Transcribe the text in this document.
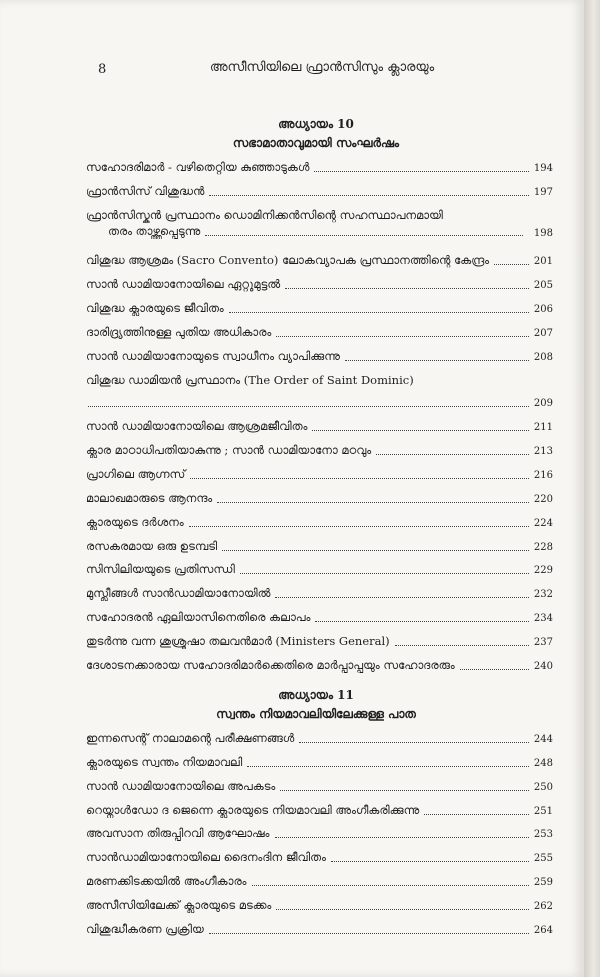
8	അസീസിയിലെ ഫ്രാൻസിസും ക്ലാരയും
അധ്യായം 10
സഭാമാതാവുമായി സംഘർഷം
സഹോദരിമാർ - വഴിതെറ്റിയ കുഞ്ഞാടുകൾ	194
ഫ്രാൻസിസ് വിശുദ്ധൻ	197
ഫ്രാൻസിസ്കൻ പ്രസ്ഥാനം ഡൊമിനിക്കൻസിന്റെ സഹസ്ഥാപനമായി
തരം താഴ്ത്തപ്പെടുന്നു	198
വിശുദ്ധ ആശ്രമം (Sacro Convento) ലോകവ്യാപക പ്രസ്ഥാനത്തിന്റെ കേന്ദ്രം	201
സാൻ ഡാമിയാനോയിലെ ഏറ്റുമുട്ടൽ	205
വിശുദ്ധ ക്ലാരയുടെ ജീവിതം	206
ദാരിദ്ര്യത്തിനുള്ള പുതിയ അധികാരം	207
സാൻ ഡാമിയാനോയുടെ സ്വാധീനം വ്യാപിക്കുന്നു	208
വിശുദ്ധ ഡാമിയൻ പ്രസ്ഥാനം (The Order of Saint Dominic)
209
സാൻ ഡാമിയാനോയിലെ ആശ്രമജീവിതം	211
ക്ലാര മാഠാധിപതിയാകുന്നു ; സാൻ ഡാമിയാനോ മഠവും	213
പ്രാഗിലെ ആഗ്നസ്	216
മാലാഖമാരുടെ ആനന്ദം	220
ക്ലാരയുടെ ദർശനം	224
രസകരമായ ഒരു ഉടമ്പടി	228
സിസിലിയയുടെ പ്രതിസന്ധി	229
മുസ്ലീങ്ങൾ സാൻഡാമിയാനോയിൽ	232
സഹോദരൻ ഏലിയാസിനെതിരെ കലാപം	234
തുടർന്നു വന്ന ശുശ്രൂഷാ തലവൻമാർ (Ministers General)	237
ദേശാടനക്കാരായ സഹോദരിമാർക്കെതിരെ മാർപ്പാപ്പയും സഹോദരരും	240
അധ്യായം 11
സ്വന്തം നിയമാവലിയിലേക്കുള്ള പാത
ഇന്നസെന്റ് നാലാമന്റെ പരീക്ഷണങ്ങൾ	244
ക്ലാരയുടെ സ്വന്തം നിയമാവലി	248
സാൻ ഡാമിയാനോയിലെ അപകടം	250
റെയ്നാൾഡോ ദ ജെന്നെ ക്ലാരയുടെ നിയമാവലി അംഗീകരിക്കുന്നു	251
അവസാന തിരുപ്പിറവി ആഘോഷം	253
സാൻഡാമിയാനോയിലെ ദൈനംദിന ജീവിതം	255
മരണക്കിടക്കയിൽ അംഗീകാരം	259
അസീസിയിലേക്ക് ക്ലാരയുടെ മടക്കം	262
വിശുദ്ധീകരണ പ്രക്രിയ	264
